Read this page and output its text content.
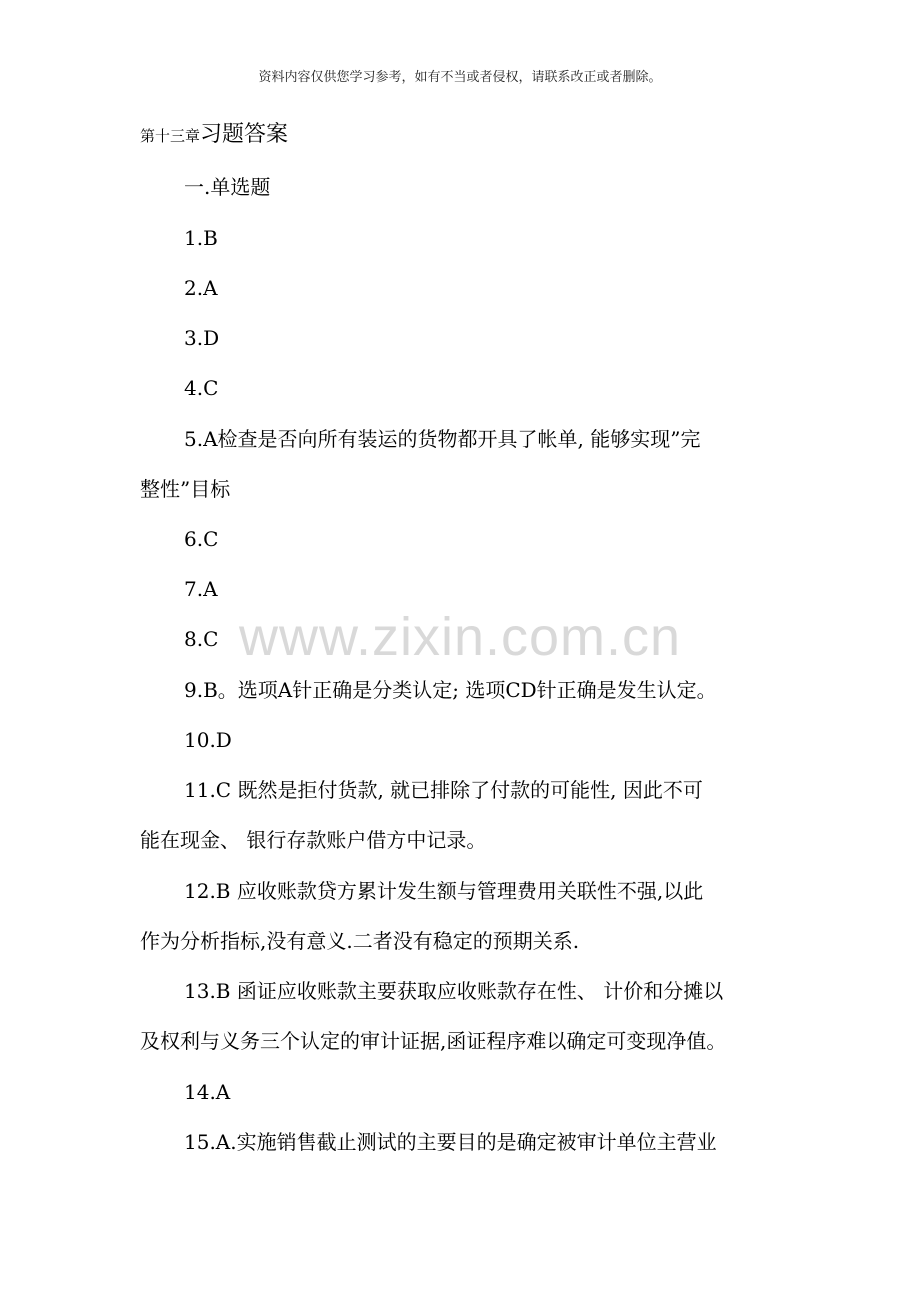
资料内容仅供您学习参考，如有不当或者侵权，请联系改正或者删除。
第十三章习题答案
一.单选题
1.B
2.A
3.D
4.C
5.A检查是否向所有装运的货物都开具了帐单, 能够实现”完
整性”目标
6.C
7.A
8.C
9.B。选项A针正确是分类认定; 选项CD针正确是发生认定。
10.D
11.C 既然是拒付货款, 就已排除了付款的可能性, 因此不可
能在现金、 银行存款账户借方中记录。
12.B 应收账款贷方累计发生额与管理费用关联性不强,以此
作为分析指标,没有意义.二者没有稳定的预期关系.
13.B 函证应收账款主要获取应收账款存在性、 计价和分摊以
及权利与义务三个认定的审计证据,函证程序难以确定可变现净值。
14.A
15.A.实施销售截止测试的主要目的是确定被审计单位主营业
www.zixin.com.cn
